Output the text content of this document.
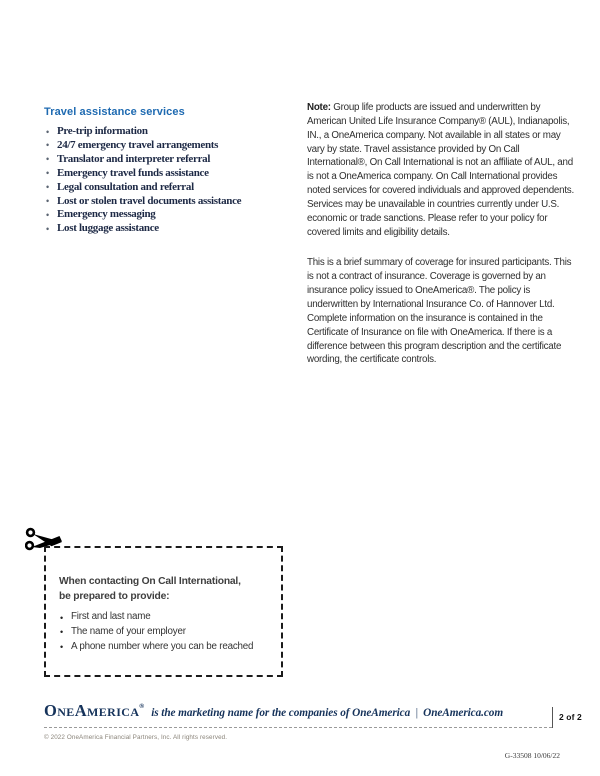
Travel assistance services
• Pre-trip information
• 24/7 emergency travel arrangements
• Translator and interpreter referral
• Emergency travel funds assistance
• Legal consultation and referral
• Lost or stolen travel documents assistance
• Emergency messaging
• Lost luggage assistance

Note: Group life products are issued and underwritten by American United Life Insurance Company® (AUL), Indianapolis, IN., a OneAmerica company. Not available in all states or may vary by state. Travel assistance provided by On Call International®, On Call International is not an affiliate of AUL, and is not a OneAmerica company. On Call International provides noted services for covered individuals and approved dependents. Services may be unavailable in countries currently under U.S. economic or trade sanctions. Please refer to your policy for covered limits and eligibility details.

This is a brief summary of coverage for insured participants. This is not a contract of insurance. Coverage is governed by an insurance policy issued to OneAmerica®. The policy is underwritten by International Insurance Co. of Hannover Ltd. Complete information on the insurance is contained in the Certificate of Insurance on file with OneAmerica. If there is a difference between this program description and the certificate wording, the certificate controls.

When contacting On Call International,
be prepared to provide:

• First and last name
• The name of your employer
• A phone number where you can be reached
OneAmerica®is the marketing name for the companies of OneAmerica | OneAmerica.com	2 of 2
© 2022 OneAmerica Financial Partners, Inc. All rights reserved.
G-33508 10/06/22
